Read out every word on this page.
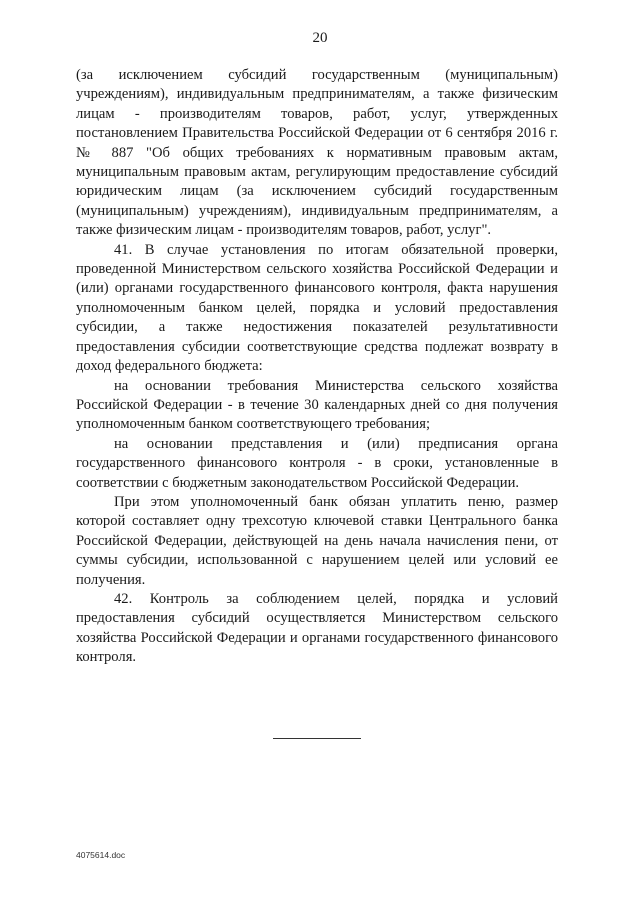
20

(за исключением субсидий государственным (муниципальным) учреждениям), индивидуальным предпринимателям, а также физическим лицам - производителям товаров, работ, услуг, утвержденных постановлением Правительства Российской Федерации от 6 сентября 2016 г. № 887 "Об общих требованиях к нормативным правовым актам, муниципальным правовым актам, регулирующим предоставление субсидий юридическим лицам (за исключением субсидий государственным (муниципальным) учреждениям), индивидуальным предпринимателям, а также физическим лицам - производителям товаров, работ, услуг".

41. В случае установления по итогам обязательной проверки, проведенной Министерством сельского хозяйства Российской Федерации и (или) органами государственного финансового контроля, факта нарушения уполномоченным банком целей, порядка и условий предоставления субсидии, а также недостижения показателей результативности предоставления субсидии соответствующие средства подлежат возврату в доход федерального бюджета:

на основании требования Министерства сельского хозяйства Российской Федерации - в течение 30 календарных дней со дня получения уполномоченным банком соответствующего требования;

на основании представления и (или) предписания органа государственного финансового контроля - в сроки, установленные в соответствии с бюджетным законодательством Российской Федерации.

При этом уполномоченный банк обязан уплатить пеню, размер которой составляет одну трехсотую ключевой ставки Центрального банка Российской Федерации, действующей на день начала начисления пени, от суммы субсидии, использованной с нарушением целей или условий ее получения.

42. Контроль за соблюдением целей, порядка и условий предоставления субсидий осуществляется Министерством сельского хозяйства Российской Федерации и органами государственного финансового контроля.

4075614.doc
